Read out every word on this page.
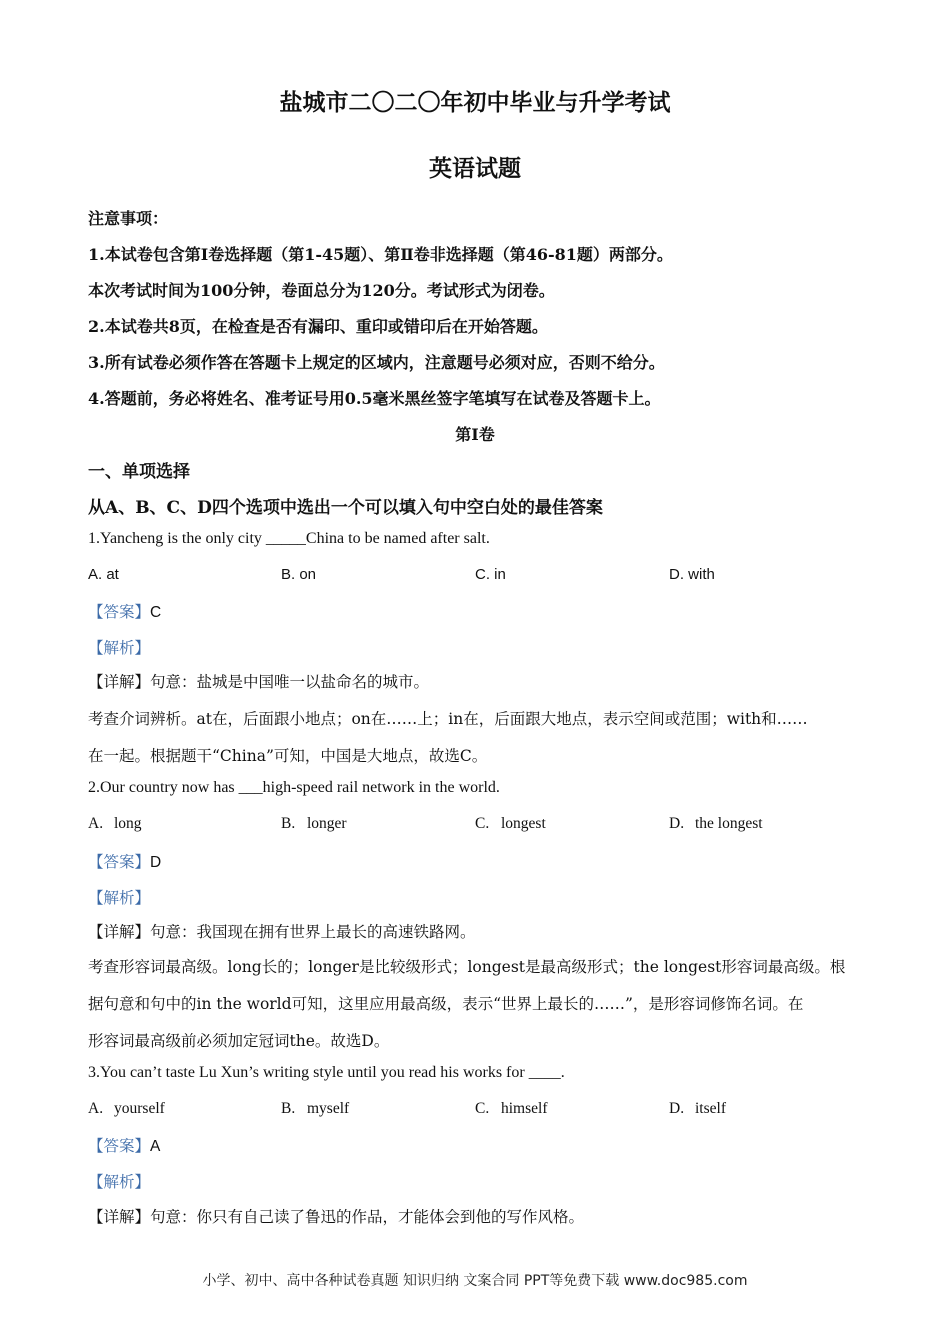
盐城市二〇二〇年初中毕业与升学考试
英语试题
注意事项：
1.本试卷包含第Ⅰ卷选择题（第1-45题）、第Ⅱ卷非选择题（第46-81题）两部分。
本次考试时间为100分钟，卷面总分为120分。考试形式为闭卷。
2.本试卷共8页，在检查是否有漏印、重印或错印后在开始答题。
3.所有试卷必须作答在答题卡上规定的区域内，注意题号必须对应，否则不给分。
4.答题前，务必将姓名、准考证号用0.5毫米黑丝签字笔填写在试卷及答题卡上。
第Ⅰ卷
一、单项选择
从A、B、C、D四个选项中选出一个可以填入句中空白处的最佳答案
1.Yancheng is the only city _____China to be named after salt.
A. at	B. on	C. in	D. with
【答案】C
【解析】
【详解】句意：盐城是中国唯一以盐命名的城市。
考查介词辨析。at在，后面跟小地点；on在……上；in在，后面跟大地点，表示空间或范围；with和……
在一起。根据题干“China”可知，中国是大地点，故选C。
2.Our country now has ___high-speed rail network in the world.
A. long	B. longer	C. longest	D. the longest
【答案】D
【解析】
【详解】句意：我国现在拥有世界上最长的高速铁路网。
考查形容词最高级。long长的；longer是比较级形式；longest是最高级形式；the longest形容词最高级。根
据句意和句中的in the world可知，这里应用最高级，表示“世界上最长的……”，是形容词修饰名词。在
形容词最高级前必须加定冠词the。故选D。
3.You can’t taste Lu Xun’s writing style until you read his works for ____.
A. yourself	B. myself	C. himself	D. itself
【答案】A
【解析】
【详解】句意：你只有自己读了鲁迅的作品，才能体会到他的写作风格。
小学、初中、高中各种试卷真题 知识归纳 文案合同 PPT等免费下载 www.doc985.com
